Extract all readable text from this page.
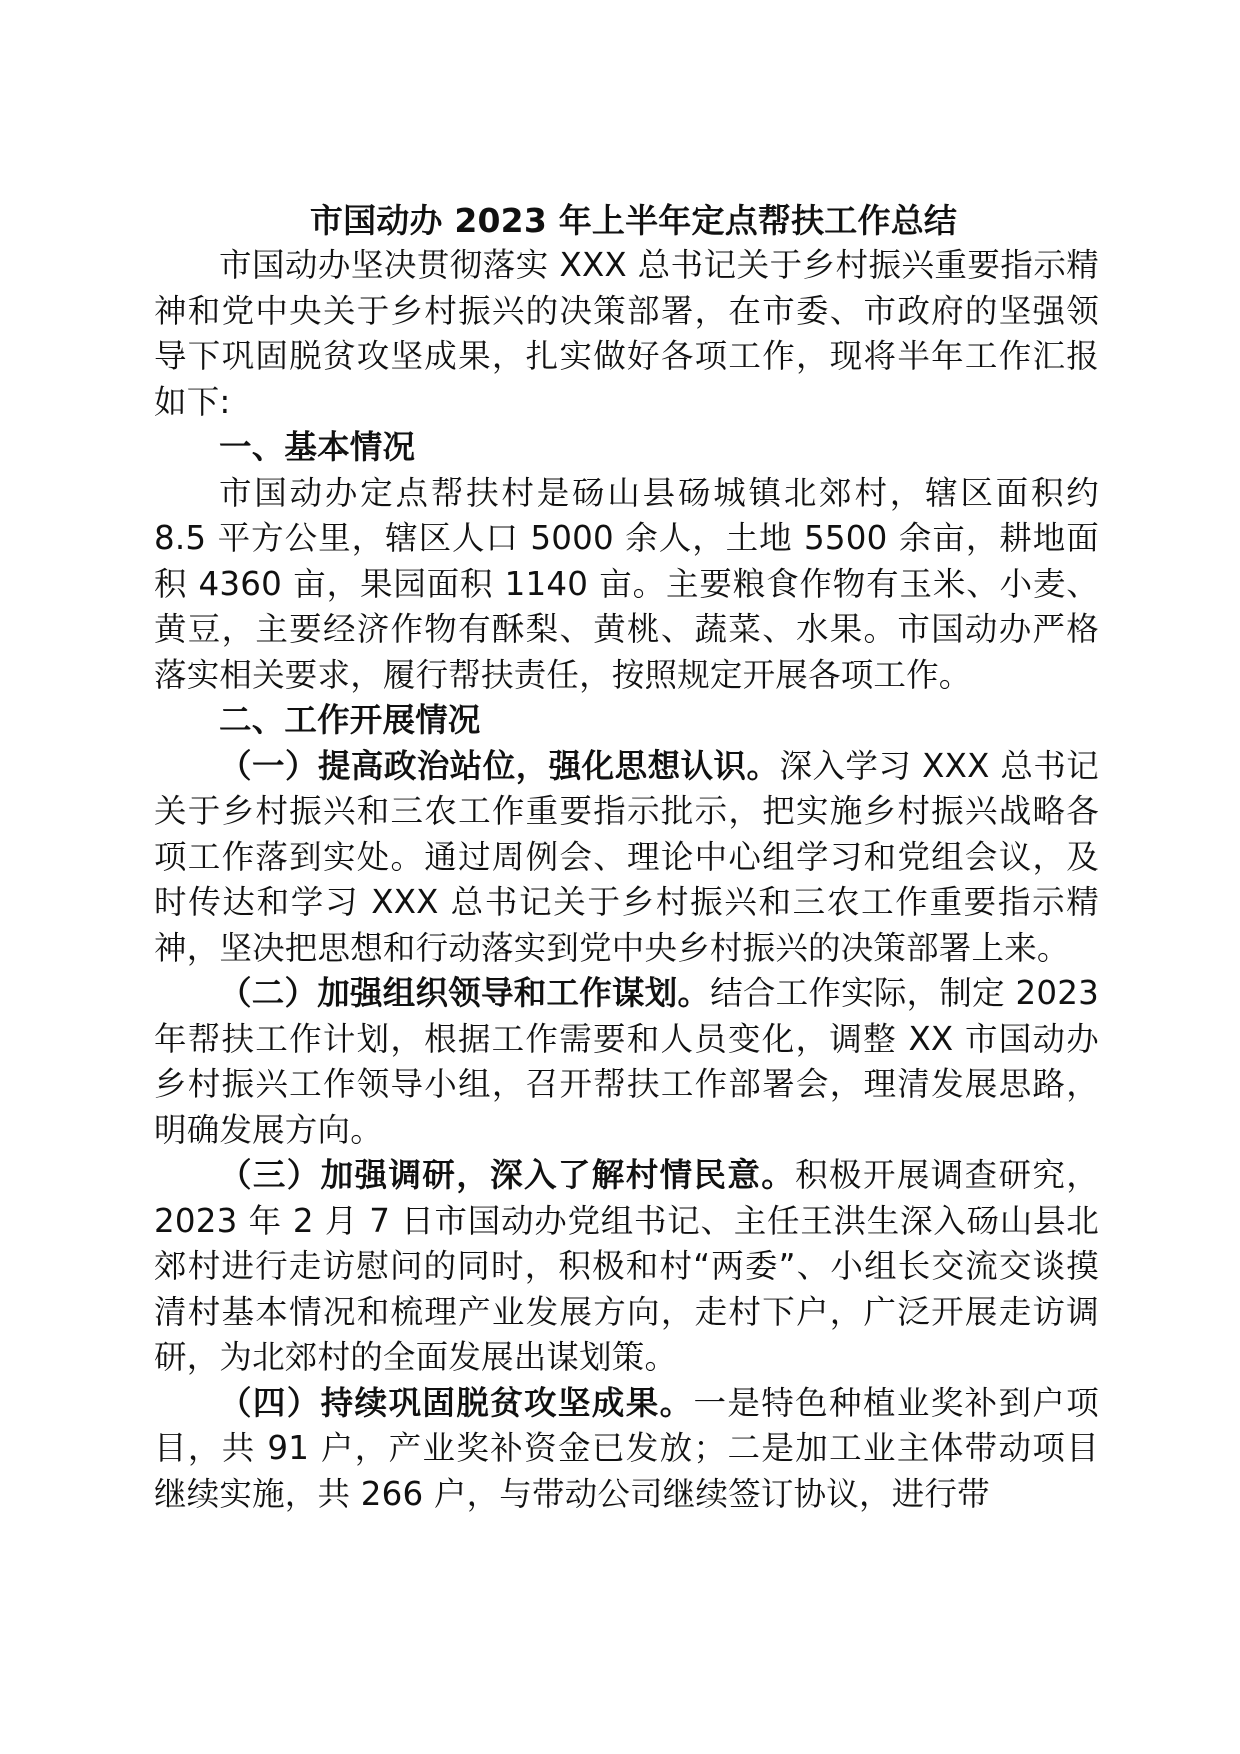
市国动办 2023 年上半年定点帮扶工作总结

市国动办坚决贯彻落实 XXX 总书记关于乡村振兴重要指示精神和党中央关于乡村振兴的决策部署，在市委、市政府的坚强领导下巩固脱贫攻坚成果，扎实做好各项工作，现将半年工作汇报如下:

一、基本情况

市国动办定点帮扶村是砀山县砀城镇北郊村，辖区面积约 8.5 平方公里，辖区人口 5000 余人，土地 5500 余亩，耕地面积 4360 亩，果园面积 1140 亩。主要粮食作物有玉米、小麦、黄豆，主要经济作物有酥梨、黄桃、蔬菜、水果。市国动办严格落实相关要求，履行帮扶责任，按照规定开展各项工作。

二、工作开展情况

（一）提高政治站位，强化思想认识。深入学习 XXX 总书记关于乡村振兴和三农工作重要指示批示，把实施乡村振兴战略各项工作落到实处。通过周例会、理论中心组学习和党组会议，及时传达和学习 XXX 总书记关于乡村振兴和三农工作重要指示精神，坚决把思想和行动落实到党中央乡村振兴的决策部署上来。

（二）加强组织领导和工作谋划。结合工作实际，制定 2023 年帮扶工作计划，根据工作需要和人员变化，调整 XX 市国动办乡村振兴工作领导小组，召开帮扶工作部署会，理清发展思路，明确发展方向。

（三）加强调研，深入了解村情民意。积极开展调查研究，2023 年 2 月 7 日市国动办党组书记、主任王洪生深入砀山县北郊村进行走访慰问的同时，积极和村“两委”、小组长交流交谈摸清村基本情况和梳理产业发展方向，走村下户，广泛开展走访调研，为北郊村的全面发展出谋划策。

（四）持续巩固脱贫攻坚成果。一是特色种植业奖补到户项目，共 91 户，产业奖补资金已发放；二是加工业主体带动项目继续实施，共 266 户，与带动公司继续签订协议，进行带
